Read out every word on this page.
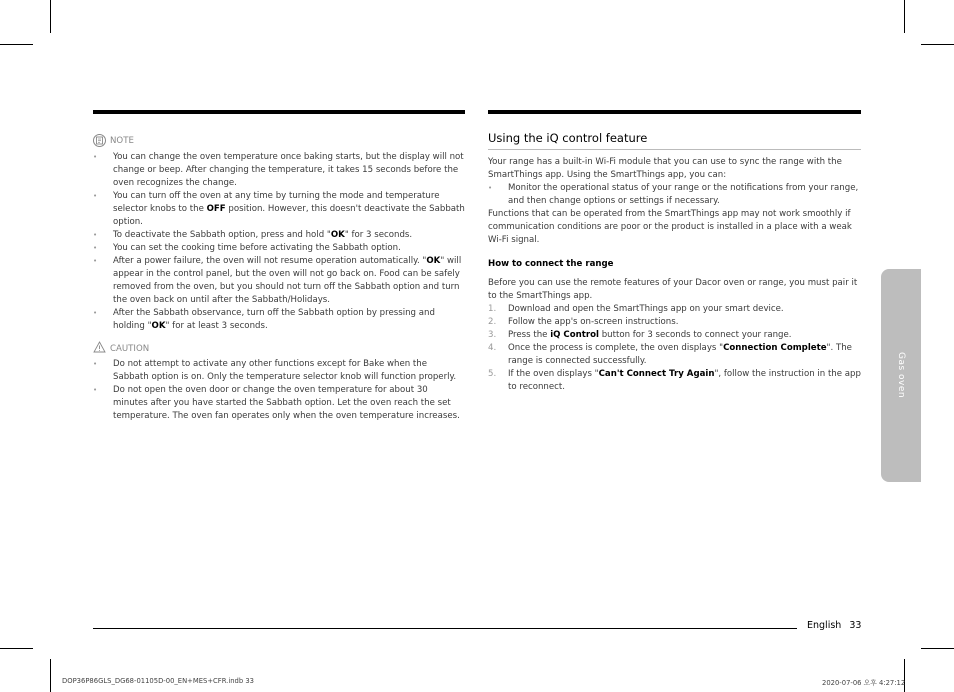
NOTE
• You can change the oven temperature once baking starts, but the display will not change or beep. After changing the temperature, it takes 15 seconds before the oven recognizes the change.
• You can turn off the oven at any time by turning the mode and temperature selector knobs to the OFF position. However, this doesn't deactivate the Sabbath option.
• To deactivate the Sabbath option, press and hold "OK" for 3 seconds.
• You can set the cooking time before activating the Sabbath option.
• After a power failure, the oven will not resume operation automatically. "OK" will appear in the control panel, but the oven will not go back on. Food can be safely removed from the oven, but you should not turn off the Sabbath option and turn the oven back on until after the Sabbath/Holidays.
• After the Sabbath observance, turn off the Sabbath option by pressing and holding "OK" for at least 3 seconds.
CAUTION
• Do not attempt to activate any other functions except for Bake when the Sabbath option is on. Only the temperature selector knob will function properly.
• Do not open the oven door or change the oven temperature for about 30 minutes after you have started the Sabbath option. Let the oven reach the set temperature. The oven fan operates only when the oven temperature increases.
Using the iQ control feature

Your range has a built-in Wi-Fi module that you can use to sync the range with the SmartThings app. Using the SmartThings app, you can:

• Monitor the operational status of your range or the notifications from your range, and then change options or settings if necessary.

Functions that can be operated from the SmartThings app may not work smoothly if communication conditions are poor or the product is installed in a place with a weak Wi-Fi signal.

How to connect the range

Before you can use the remote features of your Dacor oven or range, you must pair it to the SmartThings app.

1. Download and open the SmartThings app on your smart device.
2. Follow the app's on-screen instructions.
3. Press the iQ Control button for 3 seconds to connect your range.
4. Once the process is complete, the oven displays "Connection Complete". The range is connected successfully.
5. If the oven displays "Can't Connect Try Again", follow the instruction in the app to reconnect.	Gas oven
English 33
DOP36P86GLS_DG68-01105D-00_EN+MES+CFR.indb 33	2020-07-06 오후 4:27:12
